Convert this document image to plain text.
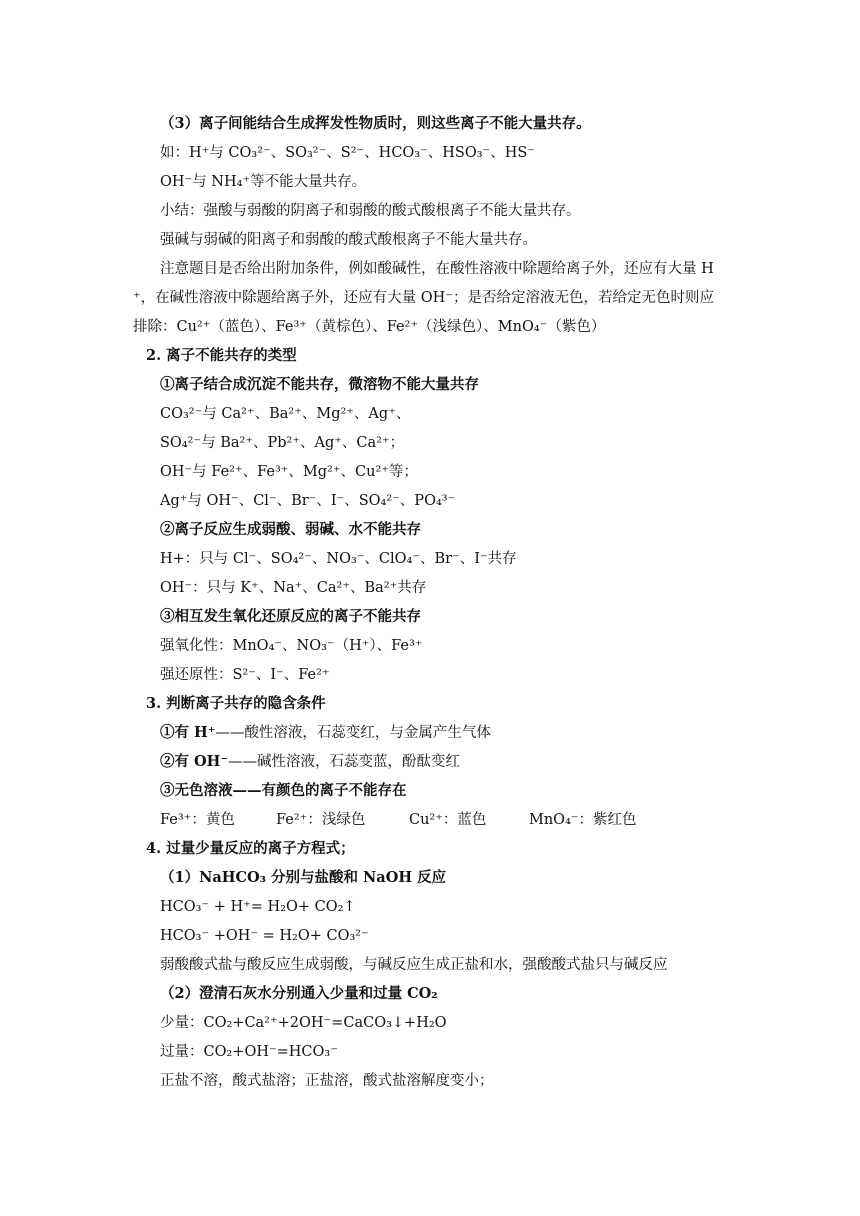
（3）离子间能结合生成挥发性物质时，则这些离子不能大量共存。
如：H⁺与 CO₃²⁻、SO₃²⁻、S²⁻、HCO₃⁻、HSO₃⁻、HS⁻
OH⁻与 NH₄⁺等不能大量共存。
小结：强酸与弱酸的阴离子和弱酸的酸式酸根离子不能大量共存。
强碱与弱碱的阳离子和弱酸的酸式酸根离子不能大量共存。
注意题目是否给出附加条件，例如酸碱性，在酸性溶液中除题给离子外，还应有大量 H
⁺，在碱性溶液中除题给离子外，还应有大量 OH⁻；是否给定溶液无色，若给定无色时则应
排除：Cu²⁺（蓝色）、Fe³⁺（黄棕色）、Fe²⁺（浅绿色）、MnO₄⁻（紫色）
2. 离子不能共存的类型
①离子结合成沉淀不能共存，微溶物不能大量共存
CO₃²⁻与 Ca²⁺、Ba²⁺、Mg²⁺、Ag⁺、
SO₄²⁻与 Ba²⁺、Pb²⁺、Ag⁺、Ca²⁺；
OH⁻与 Fe²⁺、Fe³⁺、Mg²⁺、Cu²⁺等；
Ag⁺与 OH⁻、Cl⁻、Br⁻、I⁻、SO₄²⁻、PO₄³⁻
②离子反应生成弱酸、弱碱、水不能共存
H+：只与 Cl⁻、SO₄²⁻、NO₃⁻、ClO₄⁻、Br⁻、I⁻共存
OH⁻：只与 K⁺、Na⁺、Ca²⁺、Ba²⁺共存
③相互发生氧化还原反应的离子不能共存
强氧化性：MnO₄⁻、NO₃⁻（H⁺）、Fe³⁺
强还原性：S²⁻、I⁻、Fe²⁺
3. 判断离子共存的隐含条件
①有 H⁺——酸性溶液，石蕊变红，与金属产生气体
②有 OH⁻——碱性溶液，石蕊变蓝，酚酞变红
③无色溶液——有颜色的离子不能存在
Fe³⁺：黄色	Fe²⁺：浅绿色	Cu²⁺：蓝色	MnO₄⁻：紫红色
4. 过量少量反应的离子方程式；
（1）NaHCO₃ 分别与盐酸和 NaOH 反应
HCO₃⁻ + H⁺= H₂O+ CO₂↑
HCO₃⁻ +OH⁻ = H₂O+ CO₃²⁻
弱酸酸式盐与酸反应生成弱酸，与碱反应生成正盐和水，强酸酸式盐只与碱反应
（2）澄清石灰水分别通入少量和过量 CO₂
少量：CO₂+Ca²⁺+2OH⁻=CaCO₃↓+H₂O
过量：CO₂+OH⁻=HCO₃⁻
正盐不溶，酸式盐溶；正盐溶，酸式盐溶解度变小；
